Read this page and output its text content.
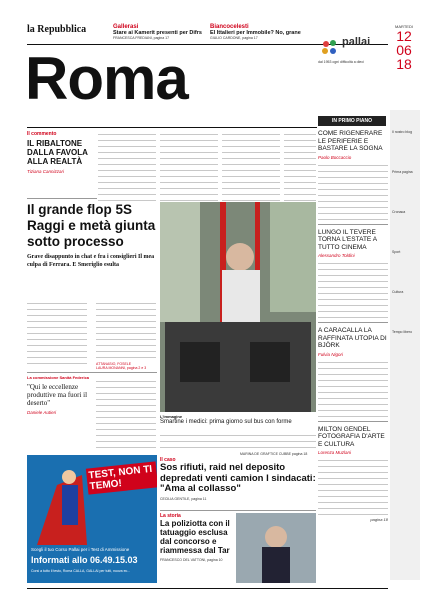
la Repubblica	Gallerasi
Stare ai Kamerit presenti per Difrs
FRANCESCA FREDIANI, pagina 17
Biancocelesti
El Ittalieri per Immobile? No, grane
GIULIO CARDONE, pagina 17
Roma
pallai
dal 1953 ogni difficoltà a dieci
MARTEDI
12
06
18
IN PRIMO PIANO
Il nostro blog
Prima pagina
Cronaca
Sport
Cultura
Tempo libero
Il commento
IL RIBALTONE DALLA FAVOLA ALLA REALTÀ
Tiziana Cannizzari
Il grande flop 5S Raggi e metà giunta sotto processo
Grave disappunto in chat e fra i consiglieri Il mea culpa di Ferrara. E Smeriglio esulta
ATTANASIO, FOSELE
LAURA MONANNI, pagina 2 e 3
La commissione Sanità Federica
"Qui le eccellenze produttive ma fuori il deserto"
Daniele Autieri
L'immagine
Smartine i medici: prima giorno sul bus con forme
MARINA DE GRAFTICE CUBBE pagina 18
COME RIGENERARE LE PERIFERIE E BASTARE LA SOGNA
Paolo Boccaccio
LUNGO IL TEVERE TORNA L'ESTATE A TUTTO CINEMA
Alessandro Toldini
A CARACALLA LA RAFFINATA UTOPIA DI BJÖRK
Fulvia Nigori
MILTON GENDEL FOTOGRAFIA D'ARTE E CULTURA
Lorenza Muzlani
pagina 18
TEST, NON TI TEMO!
Scegli il tuo Corso Pallai per i Test di Ammissione
Informati allo 06.49.15.03
Corsi a tutto il testo, Roma CALLA, GALLAI per tutti, nuova ec...
Il caso
Sos rifiuti, raid nel deposito depredati venti camion I sindacati: "Ama al collasso"
CECILIA GENTILE, pagina 11
La storia
La poliziotta con il tatuaggio esclusa dal concorso e riammessa dal Tar
FRANCESCO DEL VATTONI, pagina 10
